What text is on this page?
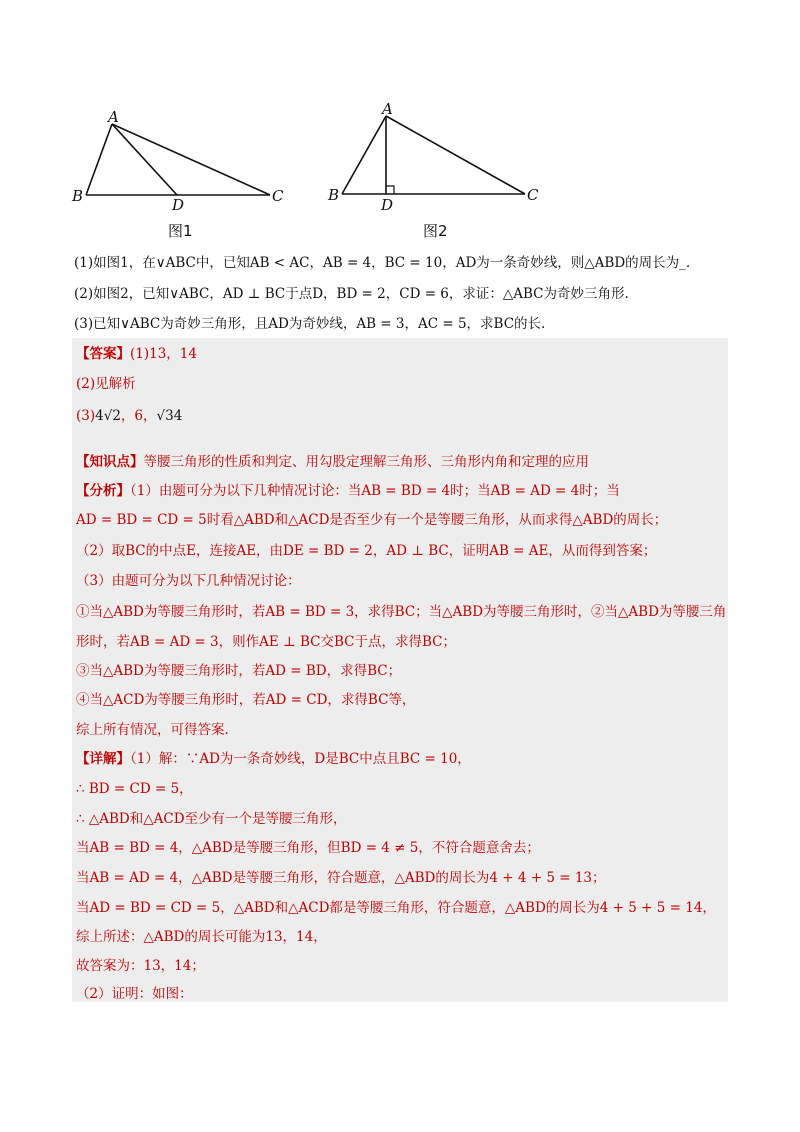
A
B	D	C
图1
A
B
D
C
图2
(1)如图1，在∨ABC中，已知AB < AC，AB = 4，BC = 10，AD为一条奇妙线，则△ABD的周长为_.
(2)如图2，已知∨ABC，AD ⊥ BC于点D，BD = 2，CD = 6，求证：△ABC为奇妙三角形.
(3)已知∨ABC为奇妙三角形，且AD为奇妙线，AB = 3，AC = 5，求BC的长.
【答案】(1)13，14
(2)见解析
(3)4√2，6，√34
【知识点】等腰三角形的性质和判定、用勾股定理解三角形、三角形内角和定理的应用
【分析】（1）由题可分为以下几种情况讨论：当AB = BD = 4时；当AB = AD = 4时；当
AD = BD = CD = 5时看△ABD和△ACD是否至少有一个是等腰三角形，从而求得△ABD的周长；
（2）取BC的中点E，连接AE，由DE = BD = 2，AD ⊥ BC，证明AB = AE，从而得到答案；
（3）由题可分为以下几种情况讨论：
①当△ABD为等腰三角形时，若AB = BD = 3，求得BC；当△ABD为等腰三角形时，②当△ABD为等腰三角
形时，若AB = AD = 3，则作AE ⊥ BC交BC于点，求得BC；
③当△ABD为等腰三角形时，若AD = BD，求得BC；
④当△ACD为等腰三角形时，若AD = CD，求得BC等，
综上所有情况，可得答案.
【详解】（1）解：∵AD为一条奇妙线，D是BC中点且BC = 10，
∴ BD = CD = 5，
∴ △ABD和△ACD至少有一个是等腰三角形，
当AB = BD = 4，△ABD是等腰三角形，但BD = 4 ≠ 5，不符合题意舍去；
当AB = AD = 4，△ABD是等腰三角形，符合题意，△ABD的周长为4 + 4 + 5 = 13；
当AD = BD = CD = 5，△ABD和△ACD都是等腰三角形，符合题意，△ABD的周长为4 + 5 + 5 = 14，
综上所述：△ABD的周长可能为13，14，
故答案为：13，14；
（2）证明：如图：
